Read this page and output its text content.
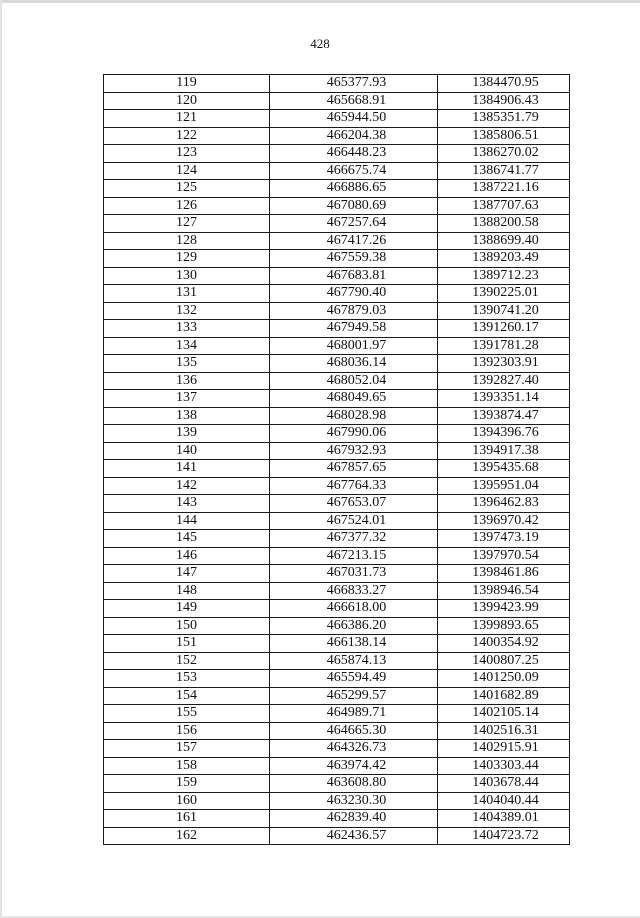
428
119	465377.93	1384470.95
120	465668.91	1384906.43
121	465944.50	1385351.79
122	466204.38	1385806.51
123	466448.23	1386270.02
124	466675.74	1386741.77
125	466886.65	1387221.16
126	467080.69	1387707.63
127	467257.64	1388200.58
128	467417.26	1388699.40
129	467559.38	1389203.49
130	467683.81	1389712.23
131	467790.40	1390225.01
132	467879.03	1390741.20
133	467949.58	1391260.17
134	468001.97	1391781.28
135	468036.14	1392303.91
136	468052.04	1392827.40
137	468049.65	1393351.14
138	468028.98	1393874.47
139	467990.06	1394396.76
140	467932.93	1394917.38
141	467857.65	1395435.68
142	467764.33	1395951.04
143	467653.07	1396462.83
144	467524.01	1396970.42
145	467377.32	1397473.19
146	467213.15	1397970.54
147	467031.73	1398461.86
148	466833.27	1398946.54
149	466618.00	1399423.99
150	466386.20	1399893.65
151	466138.14	1400354.92
152	465874.13	1400807.25
153	465594.49	1401250.09
154	465299.57	1401682.89
155	464989.71	1402105.14
156	464665.30	1402516.31
157	464326.73	1402915.91
158	463974.42	1403303.44
159	463608.80	1403678.44
160	463230.30	1404040.44
161	462839.40	1404389.01
162	462436.57	1404723.72
